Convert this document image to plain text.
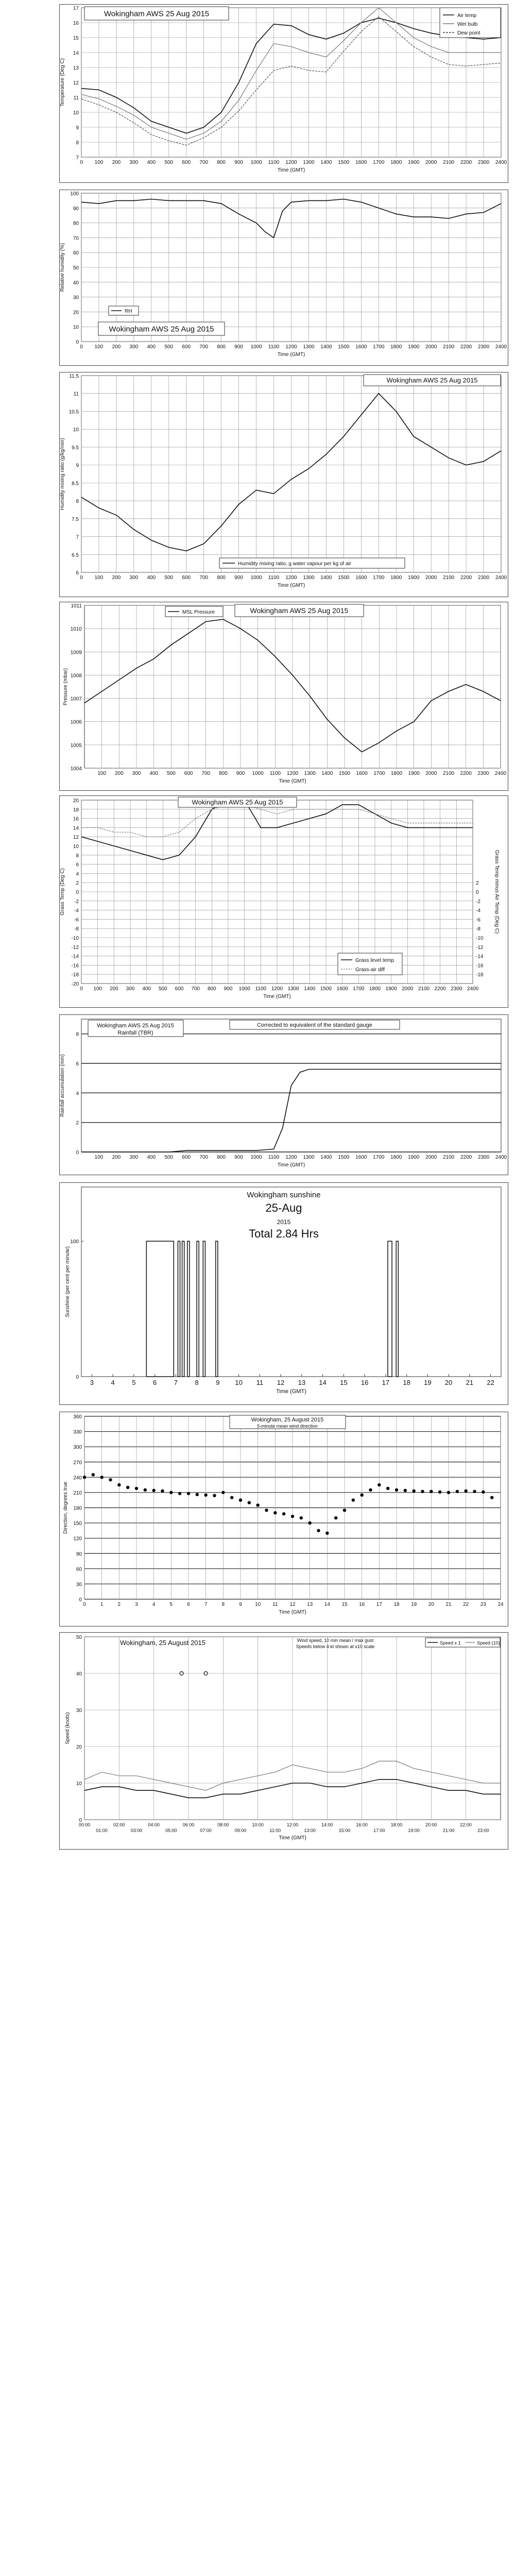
7
8
9
10
11
12
13
14
15
16
17
0 100 200 300 400 500 600 700 800 900 1000 1100 1200 1300 1400 1500 1600 1700 1800 1900 2000 2100 2200 2300 2400
Time (GMT)
Temperature (Deg C)
Wokingham AWS 25 Aug 2015	Air temp
Wet bulb
Dew point
0
10
20
30
40
50
60
70
80
90
100
0 100 200 300 400 500 600 700 800 900 1000 1100 1200 1300 1400 1500 1600 1700 1800 1900 2000 2100 2200 2300 2400
Time (GMT)
Relative humidity (%)
RH
Wokingham AWS 25 Aug 2015
6
6.5
7
7.5
8
8.5
9
9.5
10
10.5
11
11.5
0 100 200 300 400 500 600 700 800 900 1000 1100 1200 1300 1400 1500 1600 1700 1800 1900 2000 2100 2200 2300 2400
Time (GMT)
Humidity mixing ratio (g/kg/min)
Wokingham AWS 25 Aug 2015
Humidity mixing ratio, g water vapour per kg of air
1004
1005
1006
1007
1008
1009
1010
1011
100 200 300 400 500 600 700 800 900 1000 1100 1200 1300 1400 1500 1600 1700 1800 1900 2000 2100 2200 2300 2400
Time (GMT)
Pressure (mbar)
MSL Pressure	Wokingham AWS 25 Aug 2015
-20
-18
-16
-14
-12
-10
-8
-6
-4
-2
0
2
4
6
8
10
12
14
16
18
20
0 100 200 300 400 500 600 700 800 900 1000 1100 1200 1300 1400 1500 1600 1700 1800 1900 2000 2100 2200 2300 2400
Time (GMT)
Grass Temp (Deg C)
-18
-16
-14
-12
-10
-8
-6
-4
-2
0
2	Grass Temp minus Air Temp (Deg C)
Wokingham AWS 25 Aug 2015
Grass level temp
Grass-air diff
0
2
4
6
8
100 200 300 400 500 600 700 800 900 1000 1100 1200 1300 1400 1500 1600 1700 1800 1900 2000 2100 2200 2300 2400
Time (GMT)
Rainfall accumulation (mm)
Wokingham AWS 25 Aug 2015
Rainfall (TBR)
Corrected to equivalent of the standard gauge
0
100
3	4	5	6	7	8	9 10 11 12 13 14 15 16 17 18 19 20 21 22
Time (GMT)
Sunshine (per cent per minute)
Wokingham sunshine
25-Aug
2015
Total 2.84 Hrs
0
30
60
90
120
150
180
210
240
270
300
330
360
0	1	2	3	4	5	6	7	8	9	10 11 12 13 14 15 16 17 18 19 20 21 22 23 24
Time (GMT)
Direction, degrees true
Wokingham, 25 August 2015
5-minute mean wind direction
0
10
20
30
40
50
00:00	02:00	04:00	06:00	08:00	10:00	12:00	14:00	16:00	18:00	20:00	22:00
01:00	03:00	05:00	07:00	09:00	11:00	13:00	15:00	17:00	19:00	21:00	23:00
Time (GMT)
Speed (knots)
Wokingham, 25 August 2015	Wind speed, 10 min mean / max gust
Speeds below 4 kt shown at x10 scale
Speed x 1	Speed (10)
